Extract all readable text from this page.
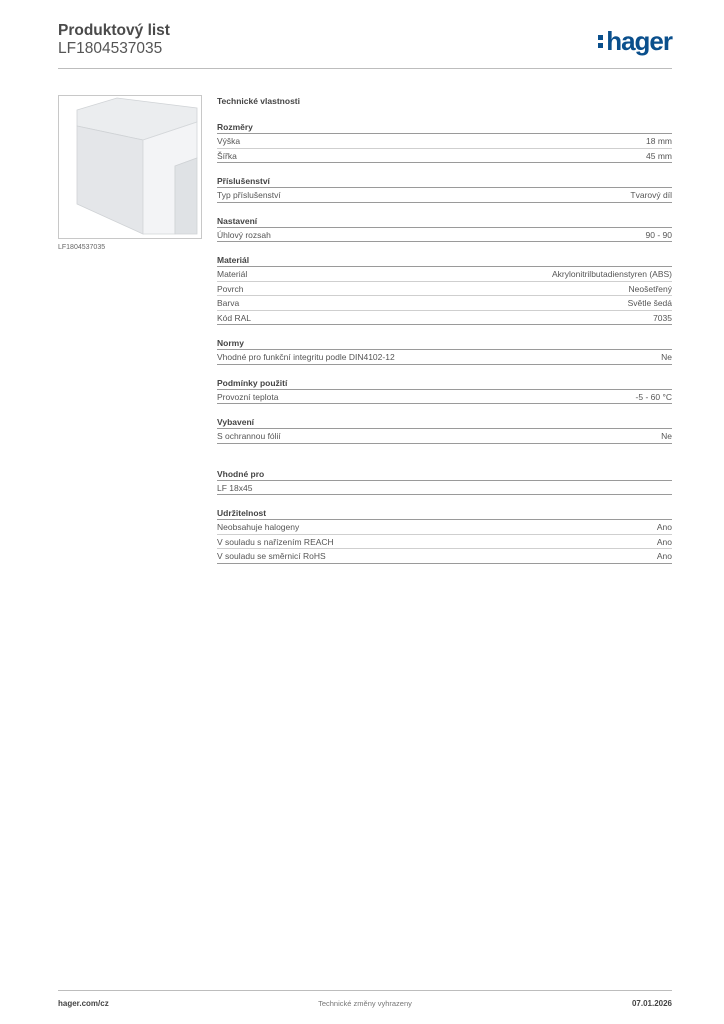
Produktový list
LF1804537035	hager
LF1804537035
Technické vlastnosti
Rozměry
Výška	18 mm
Šířka	45 mm
Příslušenství
Typ příslušenství	Tvarový díl
Nastavení
Úhlový rozsah	90 - 90
Materiál
Materiál	Akrylonitrilbutadienstyren (ABS)
Povrch	Neošetřený
Barva	Světle šedá
Kód RAL	7035
Normy
Vhodné pro funkční integritu podle DIN4102-12	Ne
Podmínky použití
Provozní teplota	-5 - 60 °C
Vybavení
S ochrannou fólií	Ne
Vhodné pro
LF 18x45
Udržitelnost
Neobsahuje halogeny	Ano
V souladu s nařízením REACH	Ano
V souladu se směrnicí RoHS	Ano
hager.com/cz	Technické změny vyhrazeny	07.01.2026
